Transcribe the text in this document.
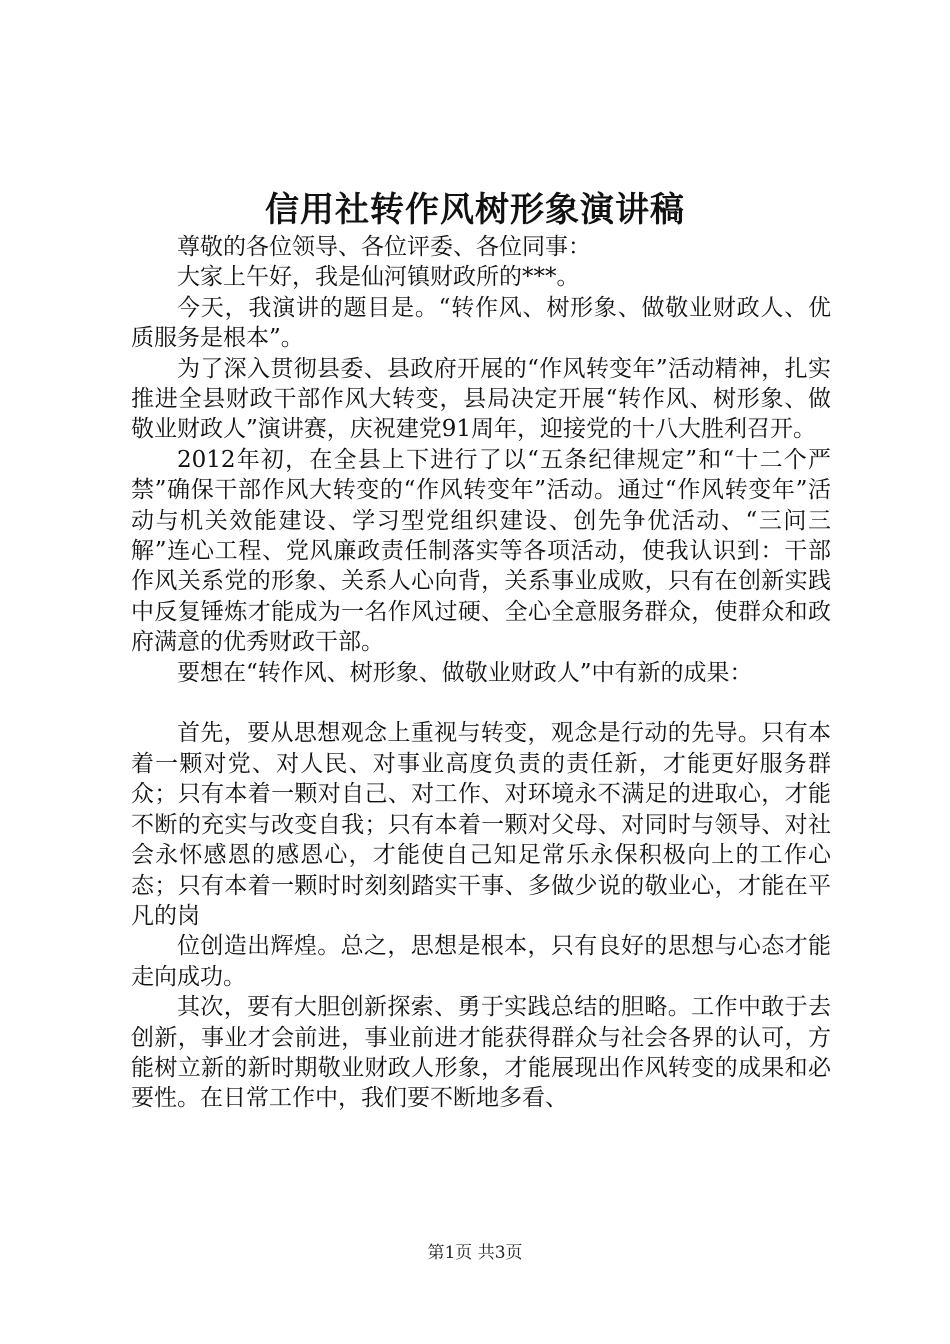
信用社转作风树形象演讲稿

尊敬的各位领导、各位评委、各位同事：

大家上午好，我是仙河镇财政所的***。

今天，我演讲的题目是。“转作风、树形象、做敬业财政人、优质服务是根本”。

为了深入贯彻县委、县政府开展的“作风转变年”活动精神，扎实推进全县财政干部作风大转变，县局决定开展“转作风、树形象、做敬业财政人”演讲赛，庆祝建党91周年，迎接党的十八大胜利召开。

2012年初，在全县上下进行了以“五条纪律规定”和“十二个严禁”确保干部作风大转变的“作风转变年”活动。通过“作风转变年”活动与机关效能建设、学习型党组织建设、创先争优活动、“三问三解”连心工程、党风廉政责任制落实等各项活动，使我认识到：干部作风关系党的形象、关系人心向背，关系事业成败，只有在创新实践中反复锤炼才能成为一名作风过硬、全心全意服务群众，使群众和政府满意的优秀财政干部。

要想在“转作风、树形象、做敬业财政人”中有新的成果：

首先，要从思想观念上重视与转变，观念是行动的先导。只有本着一颗对党、对人民、对事业高度负责的责任新，才能更好服务群众；只有本着一颗对自己、对工作、对环境永不满足的进取心，才能不断的充实与改变自我；只有本着一颗对父母、对同时与领导、对社会永怀感恩的感恩心，才能使自己知足常乐永保积极向上的工作心态；只有本着一颗时时刻刻踏实干事、多做少说的敬业心，才能在平凡的岗

位创造出辉煌。总之，思想是根本，只有良好的思想与心态才能走向成功。

其次，要有大胆创新探索、勇于实践总结的胆略。工作中敢于去创新，事业才会前进，事业前进才能获得群众与社会各界的认可，方能树立新的新时期敬业财政人形象，才能展现出作风转变的成果和必要性。在日常工作中，我们要不断地多看、

第1页 共3页
